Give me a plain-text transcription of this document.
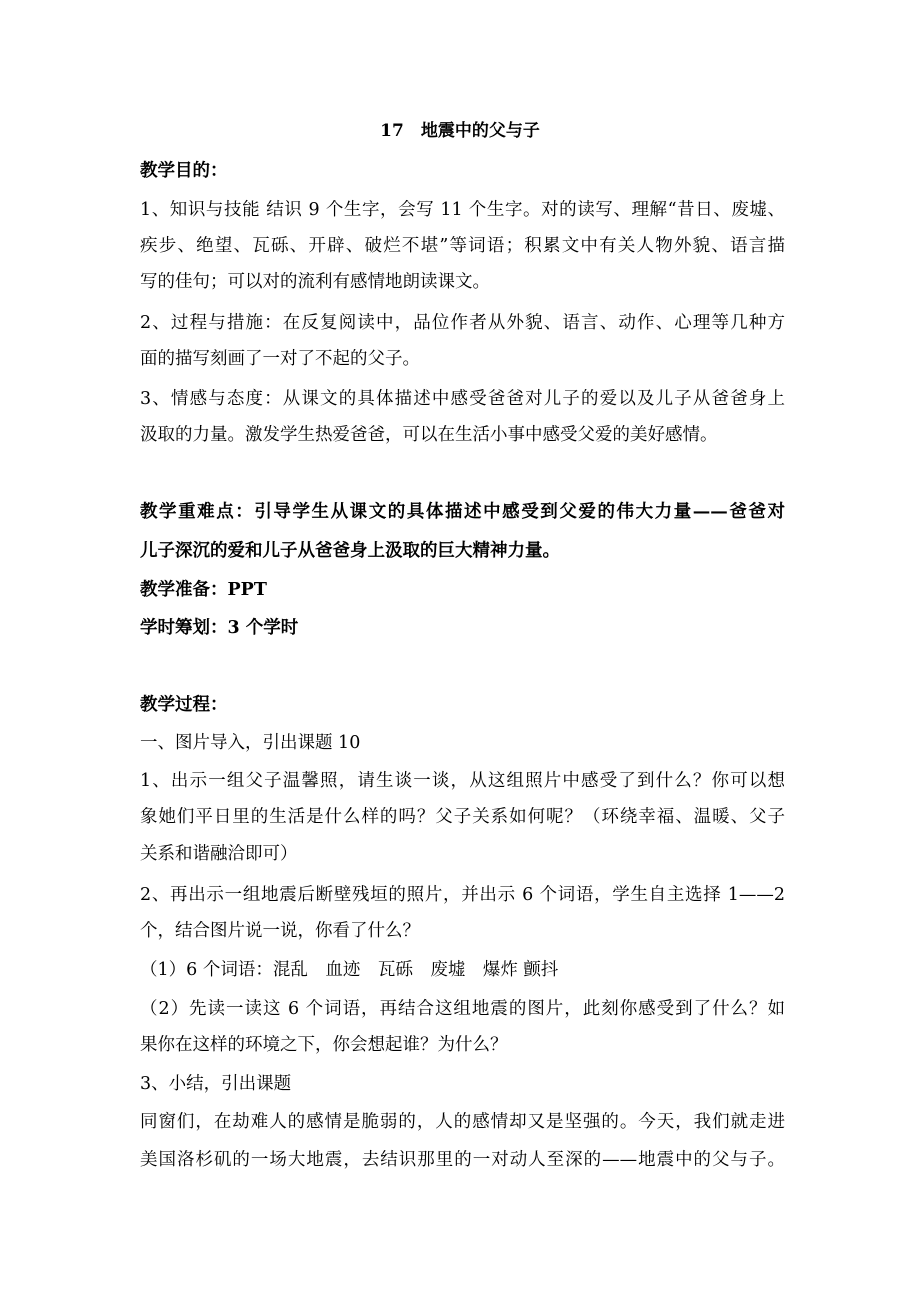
17　地震中的父与子

教学目的：

1、知识与技能 结识 9 个生字，会写 11 个生字。对的读写、理解“昔日、废墟、

疾步、绝望、瓦砾、开辟、破烂不堪”等词语；积累文中有关人物外貌、语言描

写的佳句；可以对的流利有感情地朗读课文。

2、过程与措施：在反复阅读中，品位作者从外貌、语言、动作、心理等几种方

面的描写刻画了一对了不起的父子。

3、情感与态度：从课文的具体描述中感受爸爸对儿子的爱以及儿子从爸爸身上

汲取的力量。激发学生热爱爸爸，可以在生活小事中感受父爱的美好感情。

教学重难点：引导学生从课文的具体描述中感受到父爱的伟大力量——爸爸对

儿子深沉的爱和儿子从爸爸身上汲取的巨大精神力量。

教学准备：PPT

学时筹划：3 个学时

教学过程：

一、图片导入，引出课题 10

1、出示一组父子温馨照，请生谈一谈，从这组照片中感受了到什么？你可以想

象她们平日里的生活是什么样的吗？父子关系如何呢？（环绕幸福、温暖、父子

关系和谐融洽即可）

2、再出示一组地震后断壁残垣的照片，并出示 6 个词语，学生自主选择 1——2

个，结合图片说一说，你看了什么？

（1）6 个词语：混乱　血迹　瓦砾　废墟　爆炸 颤抖

（2）先读一读这 6 个词语，再结合这组地震的图片，此刻你感受到了什么？如

果你在这样的环境之下，你会想起谁？为什么？

3、小结，引出课题

同窗们，在劫难人的感情是脆弱的，人的感情却又是坚强的。今天，我们就走进

美国洛杉矶的一场大地震，去结识那里的一对动人至深的——地震中的父与子。
